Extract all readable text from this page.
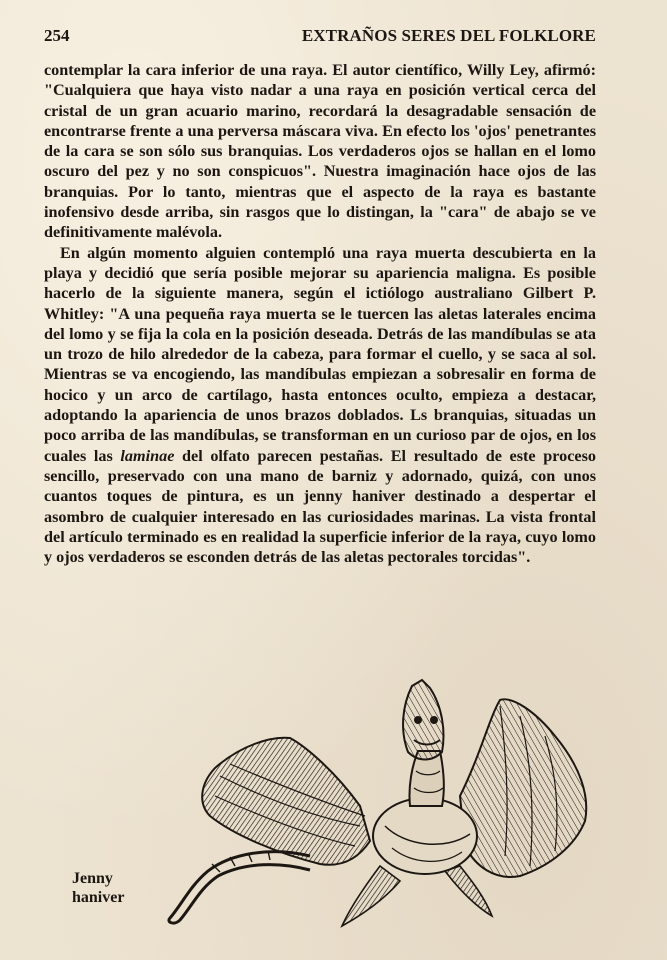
254	EXTRAÑOS SERES DEL FOLKLORE

contemplar la cara inferior de una raya. El autor científico, Willy Ley, afirmó: "Cualquiera que haya visto nadar a una raya en posición vertical cerca del cristal de un gran acuario marino, recordará la desagradable sensación de encontrarse frente a una perversa máscara viva. En efecto los 'ojos' penetrantes de la cara se son sólo sus branquias. Los verdaderos ojos se hallan en el lomo oscuro del pez y no son conspicuos". Nuestra imaginación hace ojos de las branquias. Por lo tanto, mientras que el aspecto de la raya es bastante inofensivo desde arriba, sin rasgos que lo distingan, la "cara" de abajo se ve definitivamente malévola.

En algún momento alguien contempló una raya muerta descubierta en la playa y decidió que sería posible mejorar su apariencia maligna. Es posible hacerlo de la siguiente manera, según el ictiólogo australiano Gilbert P. Whitley: "A una pequeña raya muerta se le tuercen las aletas laterales encima del lomo y se fija la cola en la posición deseada. Detrás de las mandíbulas se ata un trozo de hilo alrededor de la cabeza, para formar el cuello, y se saca al sol. Mientras se va encogiendo, las mandíbulas empiezan a sobresalir en forma de hocico y un arco de cartílago, hasta entonces oculto, empieza a destacar, adoptando la apariencia de unos brazos doblados. Ls branquias, situadas un poco arriba de las mandíbulas, se transforman en un curioso par de ojos, en los cuales las laminae del olfato parecen pestañas. El resultado de este proceso sencillo, preservado con una mano de barniz y adornado, quizá, con unos cuantos toques de pintura, es un jenny haniver destinado a despertar el asombro de cualquier interesado en las curiosidades marinas. La vista frontal del artículo terminado es en realidad la superficie inferior de la raya, cuyo lomo y ojos verdaderos se esconden detrás de las aletas pectorales torcidas".

Jenny
haniver
